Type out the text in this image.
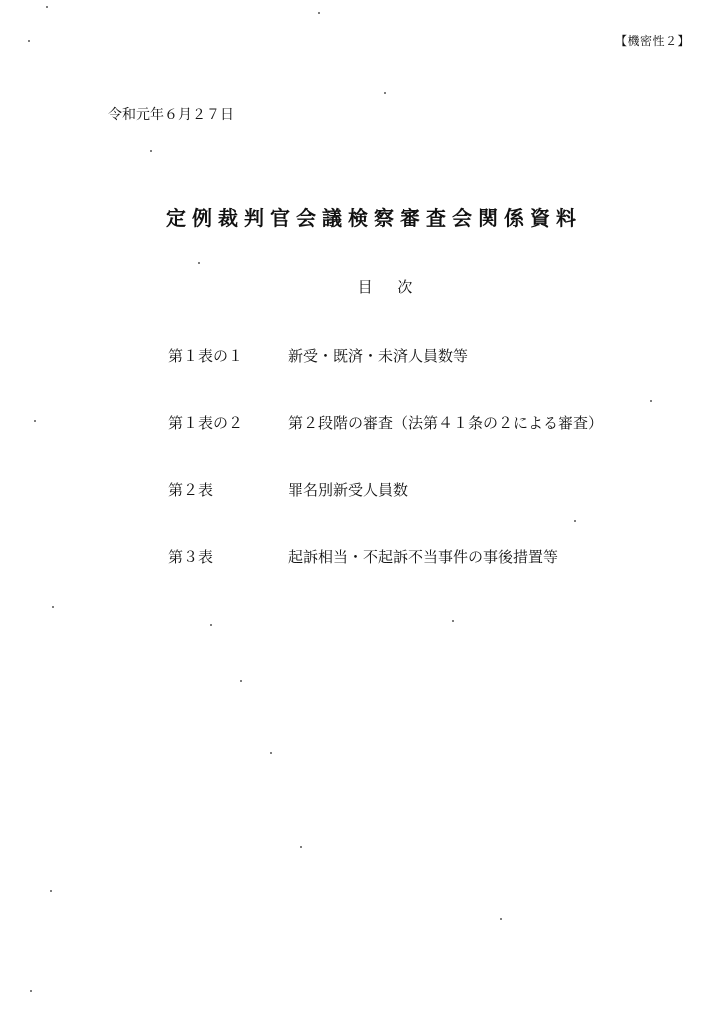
【機密性２】
令和元年６月２７日
定例裁判官会議検察審査会関係資料
目 次
第１表の１	新受・既済・未済人員数等
第１表の２	第２段階の審査（法第４１条の２による審査）
第２表	罪名別新受人員数
第３表	起訴相当・不起訴不当事件の事後措置等
